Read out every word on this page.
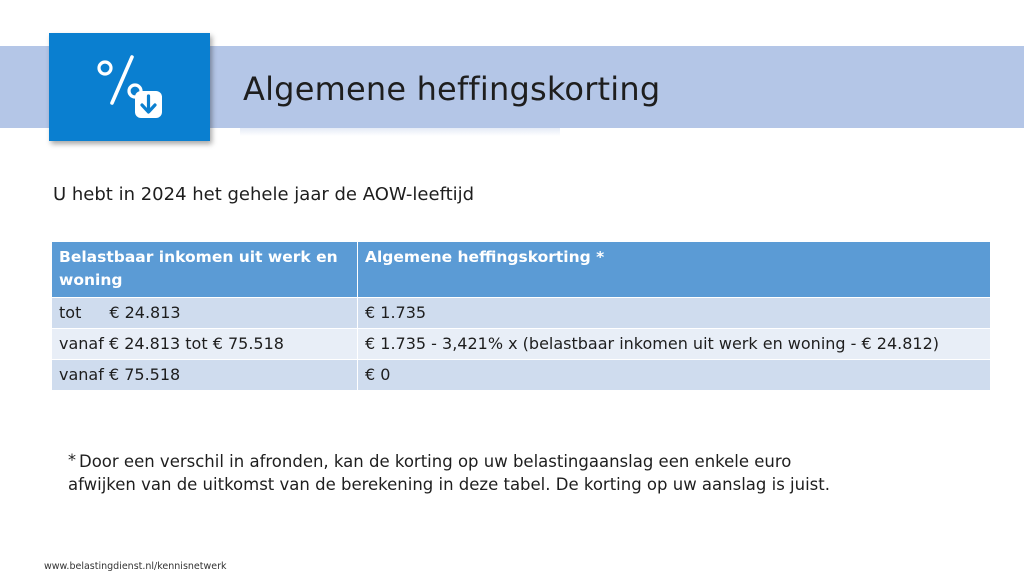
Algemene heffingskorting
U hebt in 2024 het gehele jaar de AOW-leeftijd
Belastbaar inkomen uit werk en woning	Algemene heffingskorting *
tot € 24.813	€ 1.735
vanaf € 24.813 tot € 75.518	€ 1.735 - 3,421% x (belastbaar inkomen uit werk en woning - € 24.812)
vanaf € 75.518	€ 0
* Door een verschil in afronden, kan de korting op uw belastingaanslag een enkele euro afwijken van de uitkomst van de berekening in deze tabel. De korting op uw aanslag is juist.
www.belastingdienst.nl/kennisnetwerk
